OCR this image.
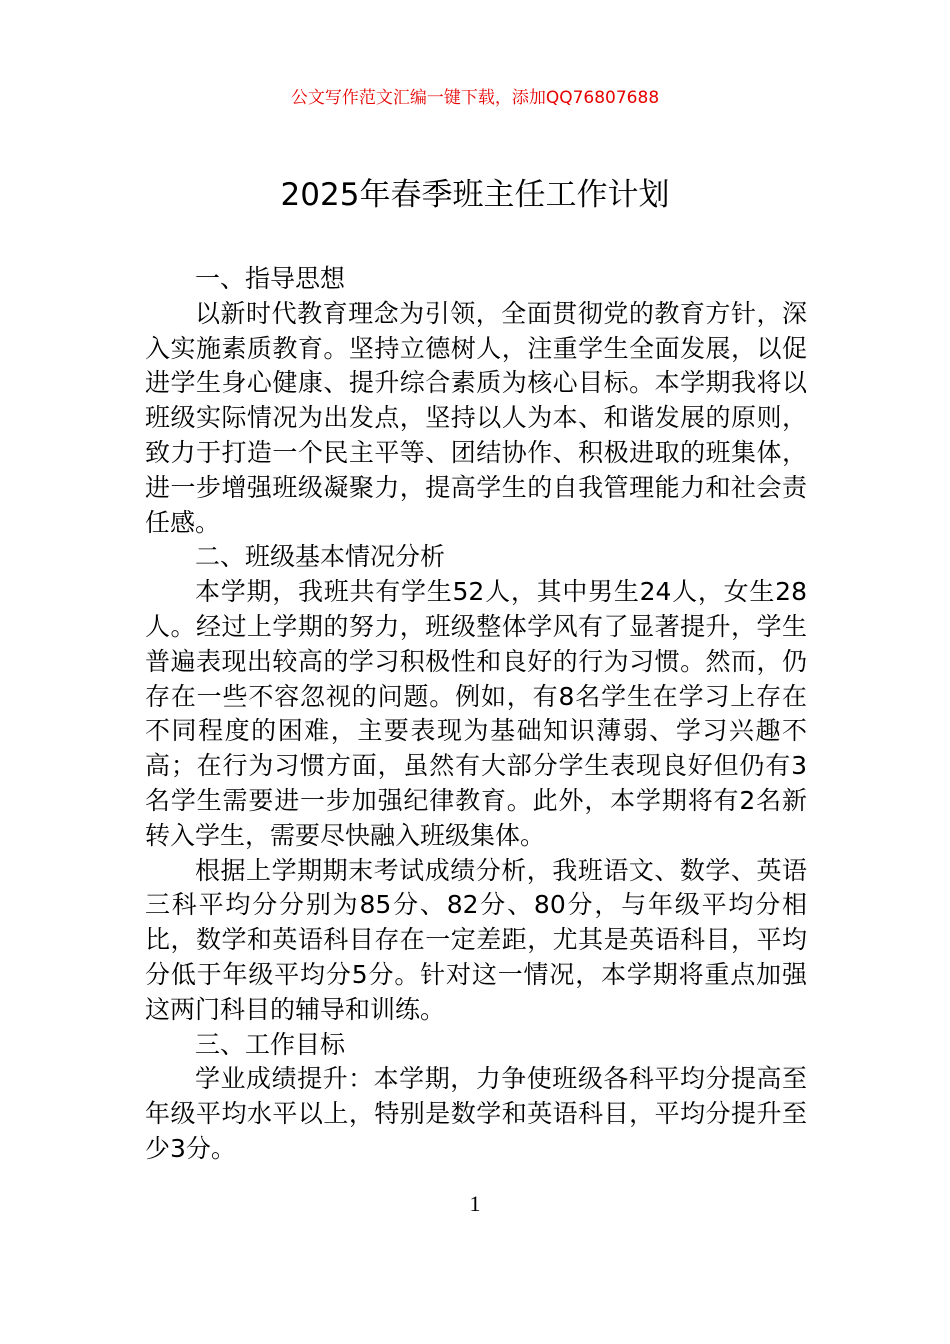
公文写作范文汇编一键下载，添加QQ76807688
2025年春季班主任工作计划

一、指导思想

以新时代教育理念为引领，全面贯彻党的教育方针，深入实施素质教育。坚持立德树人，注重学生全面发展，以促进学生身心健康、提升综合素质为核心目标。本学期我将以班级实际情况为出发点，坚持以人为本、和谐发展的原则，致力于打造一个民主平等、团结协作、积极进取的班集体，进一步增强班级凝聚力，提高学生的自我管理能力和社会责任感。

二、班级基本情况分析

本学期，我班共有学生52人，其中男生24人，女生28人。经过上学期的努力，班级整体学风有了显著提升，学生普遍表现出较高的学习积极性和良好的行为习惯。然而，仍存在一些不容忽视的问题。例如，有8名学生在学习上存在不同程度的困难，主要表现为基础知识薄弱、学习兴趣不高；在行为习惯方面，虽然有大部分学生表现良好但仍有3名学生需要进一步加强纪律教育。此外，本学期将有2名新转入学生，需要尽快融入班级集体。

根据上学期期末考试成绩分析，我班语文、数学、英语三科平均分分别为85分、82分、80分，与年级平均分相比，数学和英语科目存在一定差距，尤其是英语科目，平均分低于年级平均分5分。针对这一情况，本学期将重点加强这两门科目的辅导和训练。

三、工作目标

学业成绩提升：本学期，力争使班级各科平均分提高至年级平均水平以上，特别是数学和英语科目，平均分提升至少3分。

1
